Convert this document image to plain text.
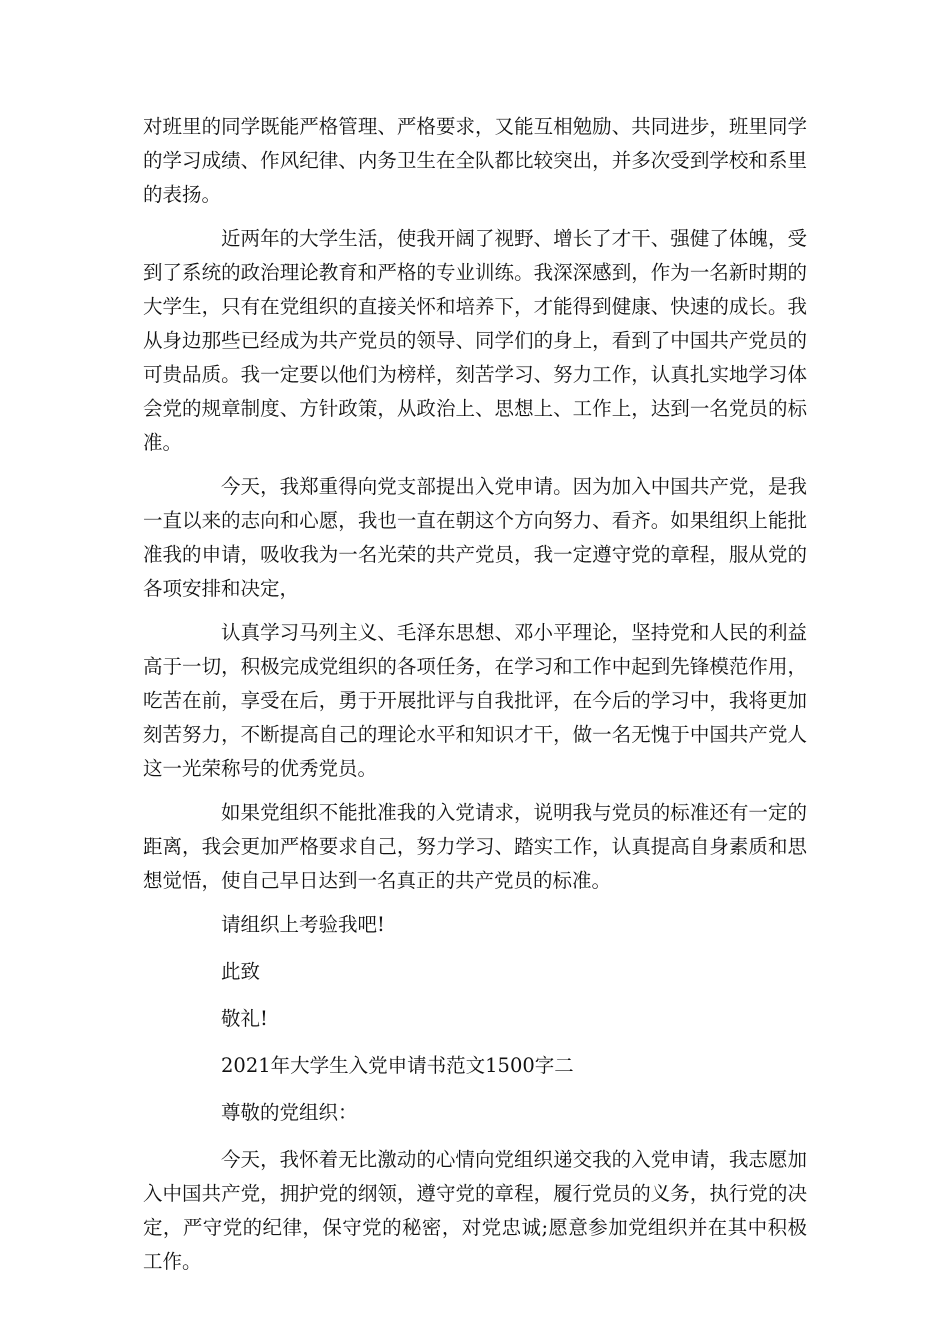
对班里的同学既能严格管理、严格要求，又能互相勉励、共同进步，班里同学的学习成绩、作风纪律、内务卫生在全队都比较突出，并多次受到学校和系里的表扬。

近两年的大学生活，使我开阔了视野、增长了才干、强健了体魄，受到了系统的政治理论教育和严格的专业训练。我深深感到，作为一名新时期的大学生，只有在党组织的直接关怀和培养下，才能得到健康、快速的成长。我从身边那些已经成为共产党员的领导、同学们的身上，看到了中国共产党员的可贵品质。我一定要以他们为榜样，刻苦学习、努力工作，认真扎实地学习体会党的规章制度、方针政策，从政治上、思想上、工作上，达到一名党员的标准。

今天，我郑重得向党支部提出入党申请。因为加入中国共产党，是我一直以来的志向和心愿，我也一直在朝这个方向努力、看齐。如果组织上能批准我的申请，吸收我为一名光荣的共产党员，我一定遵守党的章程，服从党的各项安排和决定，

认真学习马列主义、毛泽东思想、邓小平理论，坚持党和人民的利益高于一切，积极完成党组织的各项任务，在学习和工作中起到先锋模范作用，吃苦在前，享受在后，勇于开展批评与自我批评，在今后的学习中，我将更加刻苦努力，不断提高自己的理论水平和知识才干，做一名无愧于中国共产党人这一光荣称号的优秀党员。

如果党组织不能批准我的入党请求，说明我与党员的标准还有一定的距离，我会更加严格要求自己，努力学习、踏实工作，认真提高自身素质和思想觉悟，使自己早日达到一名真正的共产党员的标准。

请组织上考验我吧!

此致

敬礼!

2021年大学生入党申请书范文1500字二

尊敬的党组织：

今天，我怀着无比激动的心情向党组织递交我的入党申请，我志愿加入中国共产党，拥护党的纲领，遵守党的章程，履行党员的义务，执行党的决定，严守党的纪律，保守党的秘密，对党忠诚;愿意参加党组织并在其中积极工作。
